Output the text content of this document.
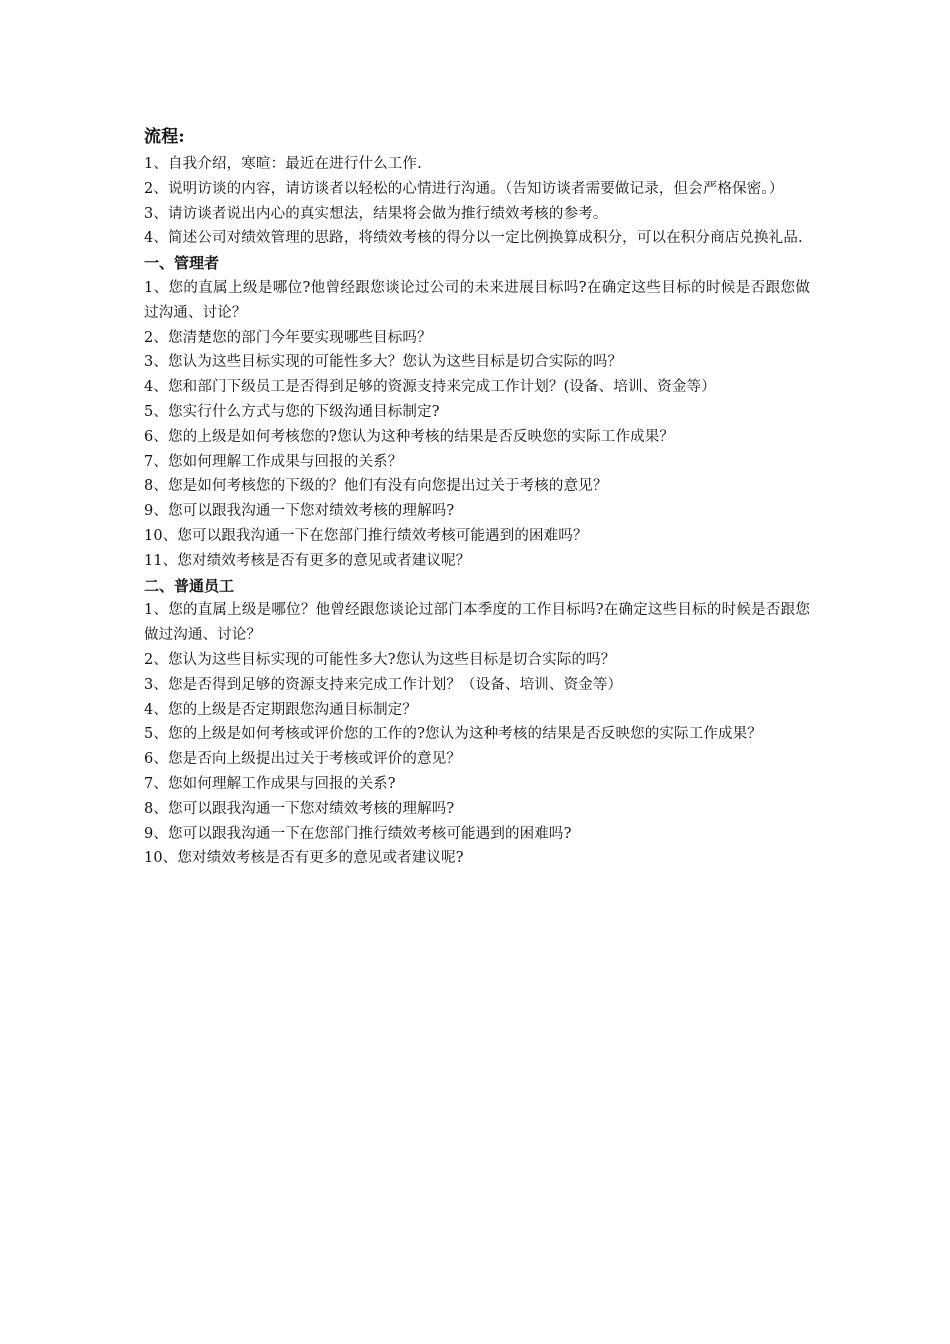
流程:

1、自我介绍，寒暄：最近在进行什么工作.

2、说明访谈的内容，请访谈者以轻松的心情进行沟通。（告知访谈者需要做记录，但会严格保密。）

3、请访谈者说出内心的真实想法，结果将会做为推行绩效考核的参考。

4、简述公司对绩效管理的思路，将绩效考核的得分以一定比例换算成积分，可以在积分商店兑换礼品.

一、管理者

1、您的直属上级是哪位?他曾经跟您谈论过公司的未来进展目标吗?在确定这些目标的时候是否跟您做过沟通、讨论？

2、您清楚您的部门今年要实现哪些目标吗？

3、您认为这些目标实现的可能性多大？您认为这些目标是切合实际的吗？

4、您和部门下级员工是否得到足够的资源支持来完成工作计划？(设备、培训、资金等）

5、您实行什么方式与您的下级沟通目标制定?

6、您的上级是如何考核您的?您认为这种考核的结果是否反映您的实际工作成果？

7、您如何理解工作成果与回报的关系？

8、您是如何考核您的下级的？他们有没有向您提出过关于考核的意见？

9、您可以跟我沟通一下您对绩效考核的理解吗?

10、您可以跟我沟通一下在您部门推行绩效考核可能遇到的困难吗？

11、您对绩效考核是否有更多的意见或者建议呢？

二、普通员工

1、您的直属上级是哪位？他曾经跟您谈论过部门本季度的工作目标吗?在确定这些目标的时候是否跟您做过沟通、讨论？

2、您认为这些目标实现的可能性多大?您认为这些目标是切合实际的吗？

3、您是否得到足够的资源支持来完成工作计划？（设备、培训、资金等）

4、您的上级是否定期跟您沟通目标制定？

5、您的上级是如何考核或评价您的工作的?您认为这种考核的结果是否反映您的实际工作成果？

6、您是否向上级提出过关于考核或评价的意见？

7、您如何理解工作成果与回报的关系?

8、您可以跟我沟通一下您对绩效考核的理解吗?

9、您可以跟我沟通一下在您部门推行绩效考核可能遇到的困难吗?

10、您对绩效考核是否有更多的意见或者建议呢?
